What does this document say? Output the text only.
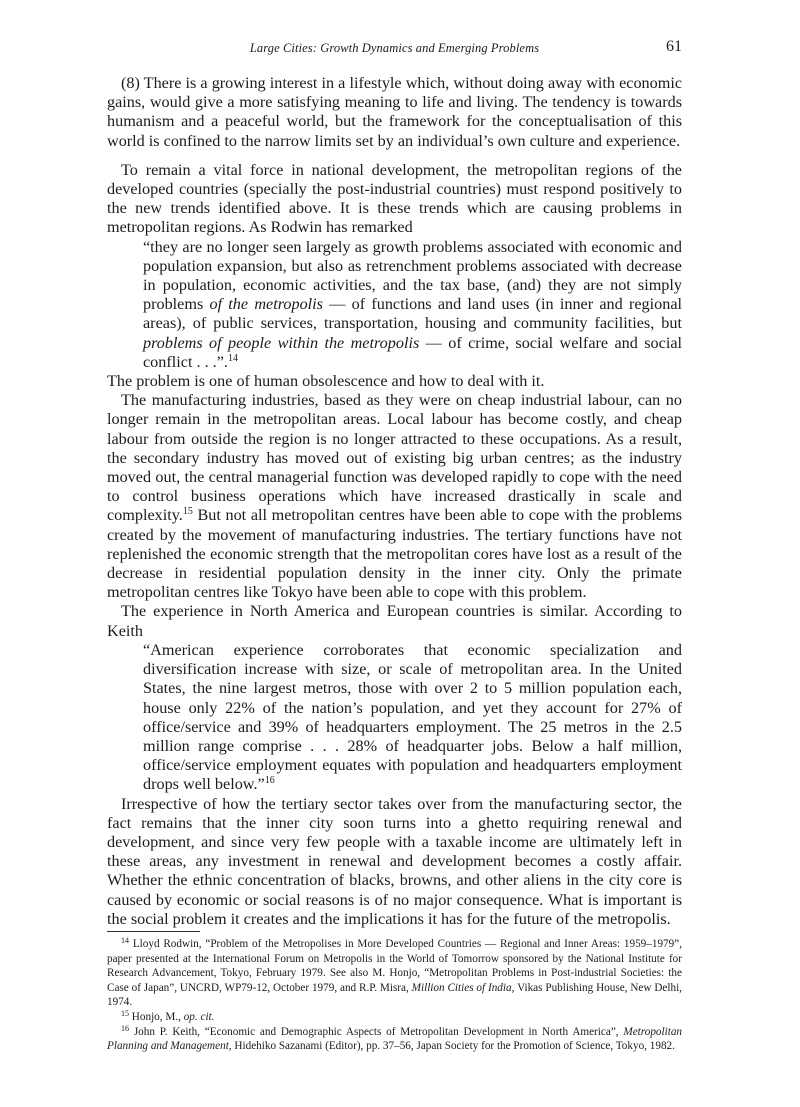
Large Cities: Growth Dynamics and Emerging Problems	61

(8) There is a growing interest in a lifestyle which, without doing away with economic gains, would give a more satisfying meaning to life and living. The tendency is towards humanism and a peaceful world, but the framework for the conceptualisation of this world is confined to the narrow limits set by an individual’s own culture and experience.

To remain a vital force in national development, the metropolitan regions of the developed countries (specially the post-industrial countries) must respond positively to the new trends identified above. It is these trends which are causing problems in metropolitan regions. As Rodwin has remarked

“they are no longer seen largely as growth problems associated with economic and population expansion, but also as retrenchment problems associated with decrease in population, economic activities, and the tax base, (and) they are not simply problems of the metropolis — of functions and land uses (in inner and regional areas), of public services, transportation, housing and community facilities, but problems of people within the metropolis — of crime, social welfare and social conflict . . .”.$^{14}$

The problem is one of human obsolescence and how to deal with it.

The manufacturing industries, based as they were on cheap industrial labour, can no longer remain in the metropolitan areas. Local labour has become costly, and cheap labour from outside the region is no longer attracted to these occupations. As a result, the secondary industry has moved out of existing big urban centres; as the industry moved out, the central managerial function was developed rapidly to cope with the need to control business operations which have increased drastically in scale and complexity.$^{15}$ But not all metropolitan centres have been able to cope with the problems created by the movement of manufacturing industries. The tertiary functions have not replenished the economic strength that the metropolitan cores have lost as a result of the decrease in residential population density in the inner city. Only the primate metropolitan centres like Tokyo have been able to cope with this problem.

The experience in North America and European countries is similar. According to Keith

“American experience corroborates that economic specialization and diversification increase with size, or scale of metropolitan area. In the United States, the nine largest metros, those with over 2 to 5 million population each, house only 22% of the nation’s population, and yet they account for 27% of office/service and 39% of headquarters employment. The 25 metros in the 2.5 million range comprise . . . 28% of headquarter jobs. Below a half million, office/service employment equates with population and headquarters employment drops well below.”$^{16}$

Irrespective of how the tertiary sector takes over from the manufacturing sector, the fact remains that the inner city soon turns into a ghetto requiring renewal and development, and since very few people with a taxable income are ultimately left in these areas, any investment in renewal and development becomes a costly affair. Whether the ethnic concentration of blacks, browns, and other aliens in the city core is caused by economic or social reasons is of no major consequence. What is important is the social problem it creates and the implications it has for the future of the metropolis.

$^{14}$ Lloyd Rodwin, “Problem of the Metropolises in More Developed Countries — Regional and Inner Areas: 1959–1979”, paper presented at the International Forum on Metropolis in the World of Tomorrow sponsored by the National Institute for Research Advancement, Tokyo, February 1979. See also M. Honjo, “Metropolitan Problems in Post-industrial Societies: the Case of Japan”, UNCRD, WP79-12, October 1979, and R.P. Misra, Million Cities of India, Vikas Publishing House, New Delhi, 1974.

$^{15}$ Honjo, M., op. cit.

$^{16}$ John P. Keith, “Economic and Demographic Aspects of Metropolitan Development in North America”, Metropolitan Planning and Management, Hidehiko Sazanami (Editor), pp. 37–56, Japan Society for the Promotion of Science, Tokyo, 1982.
